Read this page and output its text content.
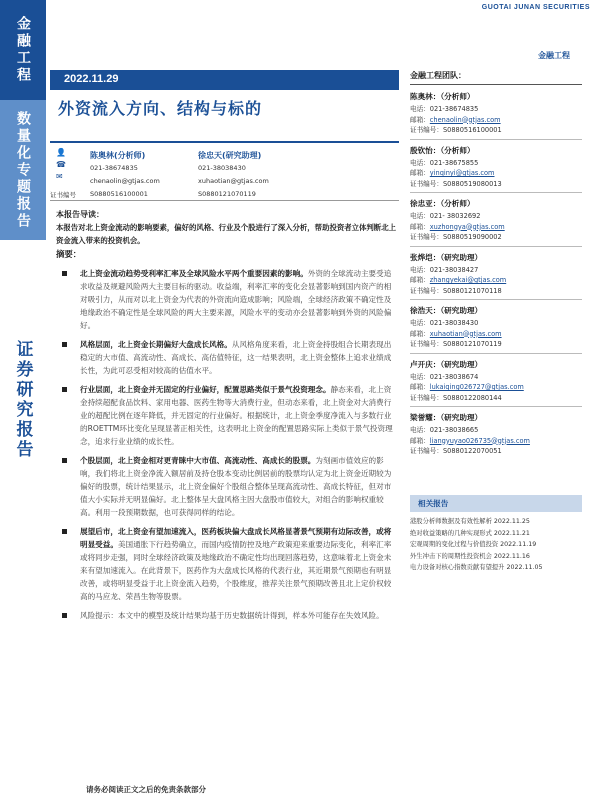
金融工程
数量化专题报告
证券研究报告
GUOTAI JUNAN SECURITIES
金融工程
2022.11.29
外资流入方向、结构与标的
👤
☎
✉
陈奥林(分析师)
021-38674835
chenaolin@gtjas.com
S0880516100001
徐忠天(研究助理)
021-38038430
xuhaotian@gtjas.com
S0880121070119
证书编号
本报告导读：
本报告对北上资金流动的影响要素，偏好的风格、行业及个股进行了深入分析，帮助投资者立体判断北上资金流入带来的投资机会。
摘要：
北上资金流动趋势受利率汇率及全球风险水平两个重要因素的影响。外资的全球流动主要受追求收益及规避风险两大主要目标的驱动。收益端，利率汇率的变化会显著影响到国内资产的相对吸引力，从而对以北上资金为代表的外资流向造成影响；风险端，全球经济政策不确定性及地缘政治不确定性是全球风险的两大主要来源，风险水平的变动亦会显著影响到外资的风险偏好。
风格层面，北上资金长期偏好大盘成长风格。从风格角度来看，北上资金持股组合长期表现出稳定的大市值、高流动性、高成长、高估值特征，这一结果表明，北上资金整体上追求业绩成长性，为此可忍受相对较高的估值水平。
行业层面，北上资金并无固定的行业偏好，配置思路类似于景气投资理念。静态来看，北上资金持续超配食品饮料、家用电器、医药生物等大消费行业，但动态来看，北上资金对大消费行业的超配比例在逐年降低，并无固定的行业偏好。根据统计，北上资金季度净流入与多数行业的ROETTM环比变化呈现显著正相关性，这表明北上资金的配置思路实际上类似于景气投资理念，追求行业业绩的成长性。
个股层面，北上资金相对更青睐中大市值、高流动性、高成长的股票。为刻画市值效应的影响，我们将北上资金净流入额居前及持仓股本变动比例居前的股票均认定为北上资金近期较为偏好的股票，统计结果显示，北上资金偏好个股组合整体呈现高流动性、高成长特征，但对市值大小实际并无明显偏好。北上整体呈大盘风格主因大盘股市值较大，对组合的影响权重较高。利用一段预期数据，也可获得同样的结论。
展望后市，北上资金有望加速流入，医药板块偏大盘成长风格显著景气预期有边际改善，或将明显受益。美国通胀下行趋势确立，而国内疫情防控及地产政策迎来重要边际变化，利率汇率或将同步走强，同时全球经济政策及地缘政治不确定性均出现回落趋势，这意味着北上资金未来有望加速流入。在此背景下，医药作为大盘成长风格的代表行业，其近期景气预期也有明显改善，或将明显受益于北上资金流入趋势，个股维度，推荐关注景气预期改善且北上定价权较高的马应龙、荣昌生物等股票。
风险提示：本文中的模型及统计结果均基于历史数据统计得到，样本外可能存在失效风险。
请务必阅读正文之后的免责条款部分
金融工程团队：
陈奥林：（分析师）
电话：021-38674835
邮箱：chenaolin@gtjas.com
证书编号：S0880516100001
殷钦怡：（分析师）
电话：021-38675855
邮箱：yinqinyi@gtjas.com
证书编号：S0880519080013
徐忠亚：（分析师）
电话：021- 38032692
邮箱：xuzhongya@gtjas.com
证书编号：S0880519090002
张烨垲：（研究助理）
电话：021-38038427
邮箱：zhangyekai@gtjas.com
证书编号：S0880121070118
徐浩天：（研究助理）
电话：021-38038430
邮箱：xuhaotian@gtjas.com
证书编号：S0880121070119
卢开庆：（研究助理）
电话：021-38038674
邮箱：lukaiqing026727@gtjas.com
证书编号：S0880122080144
梁誉耀：（研究助理）
电话：021-38038665
邮箱：liangyuyao026735@gtjas.com
证书编号：S0880122070051
相关报告
港股分析师数据及有效性解析 2022.11.25
绝对收益策略的几种实现形式 2022.11.21
宏观周期的变化过程与价值投资 2022.11.19
外生冲击下的周期性投资机会 2022.11.16
电力设备对核心指数贡献有望提升 2022.11.05
